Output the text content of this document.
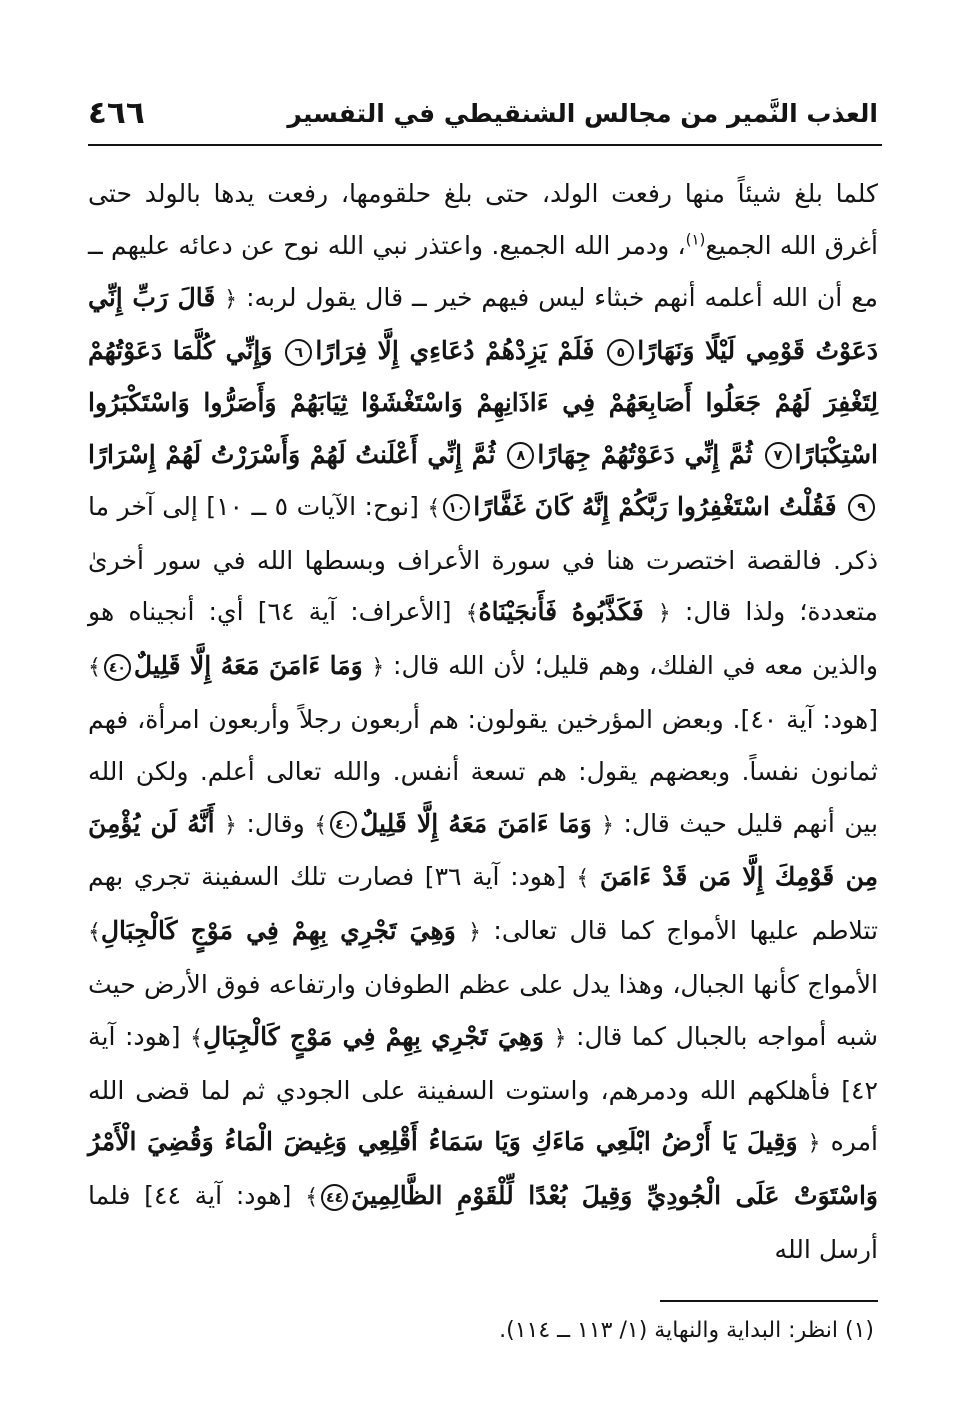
العذب النَّمير من مجالس الشنقيطي في التفسير
٤٦٦

كلما بلغ شيئاً منها رفعت الولد، حتى بلغ حلقومها، رفعت يدها بالولد حتى أغرق الله الجميع$^{(١)}$، ودمر الله الجميع. واعتذر نبي الله نوح عن دعائه عليهم ــ مع أن الله أعلمه أنهم خبثاء ليس فيهم خير ــ قال يقول لربه: ﴿ قَالَ رَبِّ إِنِّي دَعَوْتُ قَوْمِي لَيْلًا وَنَهَارًا٥ فَلَمْ يَزِدْهُمْ دُعَاءِي إِلَّا فِرَارًا٦ وَإِنِّي كُلَّمَا دَعَوْتُهُمْ لِتَغْفِرَ لَهُمْ جَعَلُوا أَصَابِعَهُمْ فِي ءَاذَانِهِمْ وَاسْتَغْشَوْا ثِيَابَهُمْ وَأَصَرُّوا وَاسْتَكْبَرُوا اسْتِكْبَارًا٧ ثُمَّ إِنِّي دَعَوْتُهُمْ جِهَارًا٨ ثُمَّ إِنِّي أَعْلَنتُ لَهُمْ وَأَسْرَرْتُ لَهُمْ إِسْرَارًا٩ فَقُلْتُ اسْتَغْفِرُوا رَبَّكُمْ إِنَّهُ كَانَ غَفَّارًا١٠﴾ [نوح: الآيات ٥ ــ ١٠] إلى آخر ما ذكر. فالقصة اختصرت هنا في سورة الأعراف وبسطها الله في سور أخرىٰ متعددة؛ ولذا قال: ﴿ فَكَذَّبُوهُ فَأَنجَيْنَاهُ﴾ [الأعراف: آية ٦٤] أي: أنجيناه هو والذين معه في الفلك، وهم قليل؛ لأن الله قال: ﴿ وَمَا ءَامَنَ مَعَهُ إِلَّا قَلِيلٌ٤٠﴾ [هود: آية ٤٠]. وبعض المؤرخين يقولون: هم أربعون رجلاً وأربعون امرأة، فهم ثمانون نفساً. وبعضهم يقول: هم تسعة أنفس. والله تعالى أعلم. ولكن الله بين أنهم قليل حيث قال: ﴿ وَمَا ءَامَنَ مَعَهُ إِلَّا قَلِيلٌ٤٠﴾ وقال: ﴿ أَنَّهُ لَن يُؤْمِنَ مِن قَوْمِكَ إِلَّا مَن قَدْ ءَامَنَ ﴾ [هود: آية ٣٦] فصارت تلك السفينة تجري بهم تتلاطم عليها الأمواج كما قال تعالى: ﴿ وَهِيَ تَجْرِي بِهِمْ فِي مَوْجٍ كَالْجِبَالِ﴾ الأمواج كأنها الجبال، وهذا يدل على عظم الطوفان وارتفاعه فوق الأرض حيث شبه أمواجه بالجبال كما قال: ﴿ وَهِيَ تَجْرِي بِهِمْ فِي مَوْجٍ كَالْجِبَالِ﴾ [هود: آية ٤٢] فأهلكهم الله ودمرهم، واستوت السفينة على الجودي ثم لما قضى الله أمره ﴿ وَقِيلَ يَا أَرْضُ ابْلَعِي مَاءَكِ وَيَا سَمَاءُ أَقْلِعِي وَغِيضَ الْمَاءُ وَقُضِيَ الْأَمْرُ وَاسْتَوَتْ عَلَى الْجُودِيِّ وَقِيلَ بُعْدًا لِّلْقَوْمِ الظَّالِمِينَ٤٤﴾ [هود: آية ٤٤] فلما أرسل الله

(١) انظر: البداية والنهاية (١/ ١١٣ ــ ١١٤).
